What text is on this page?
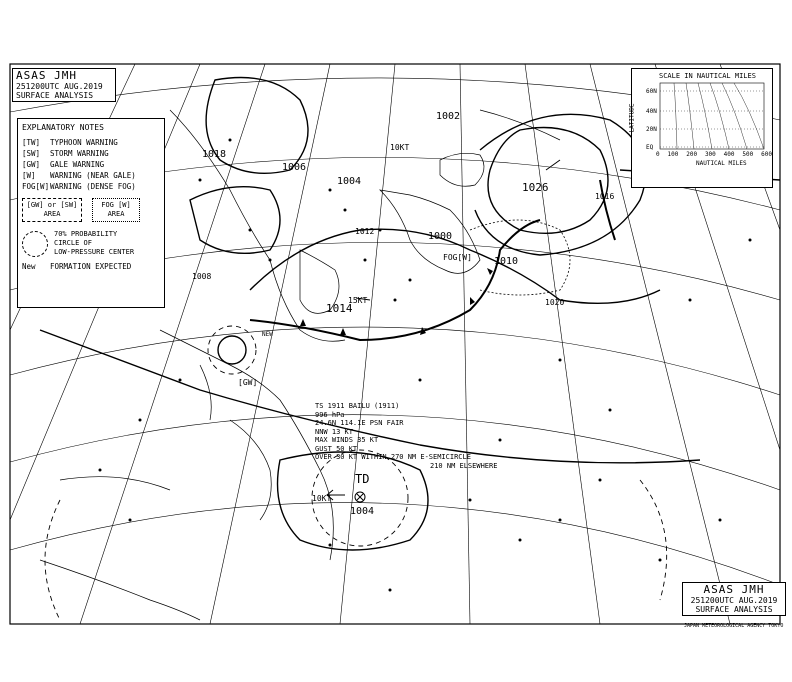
1026
1014
1004
1000
1002
1006
1018
1010
1020
1016
1012
1008
15KT
10KT
FOG[W]
[GW]
NEW
TD
1004
10KT
TS 1911 BAILU (1911)
996 hPa
24.6N 114.1E PSN FAIR
NNW 13 KT
MAX WINDS 35 KT
GUST 50 KT
OVER 30 KT WITHIN 270 NM E-SEMICIRCLE
210 NM ELSEWHERE
ASAS JMH
251200UTC AUG.2019
SURFACE ANALYSIS
EXPLANATORY NOTES
[TW]	TYPHOON WARNING
[SW]	STORM WARNING
[GW]	GALE WARNING
[W]	WARNING (NEAR GALE)
FOG[W] WARNING (DENSE FOG)
[GW] or [SW]
AREA
FOG [W]
AREA
70% PROBABILITY
CIRCLE OF
LOW-PRESSURE CENTER
New	FORMATION EXPECTED
SCALE IN NAUTICAL MILES
LATITUDE
60N
40N
20N
EQ
0 100 200 300 400 500 600
NAUTICAL MILES
ASAS JMH
251200UTC AUG.2019
SURFACE ANALYSIS
JAPAN METEOROLOGICAL AGENCY TOKYO
